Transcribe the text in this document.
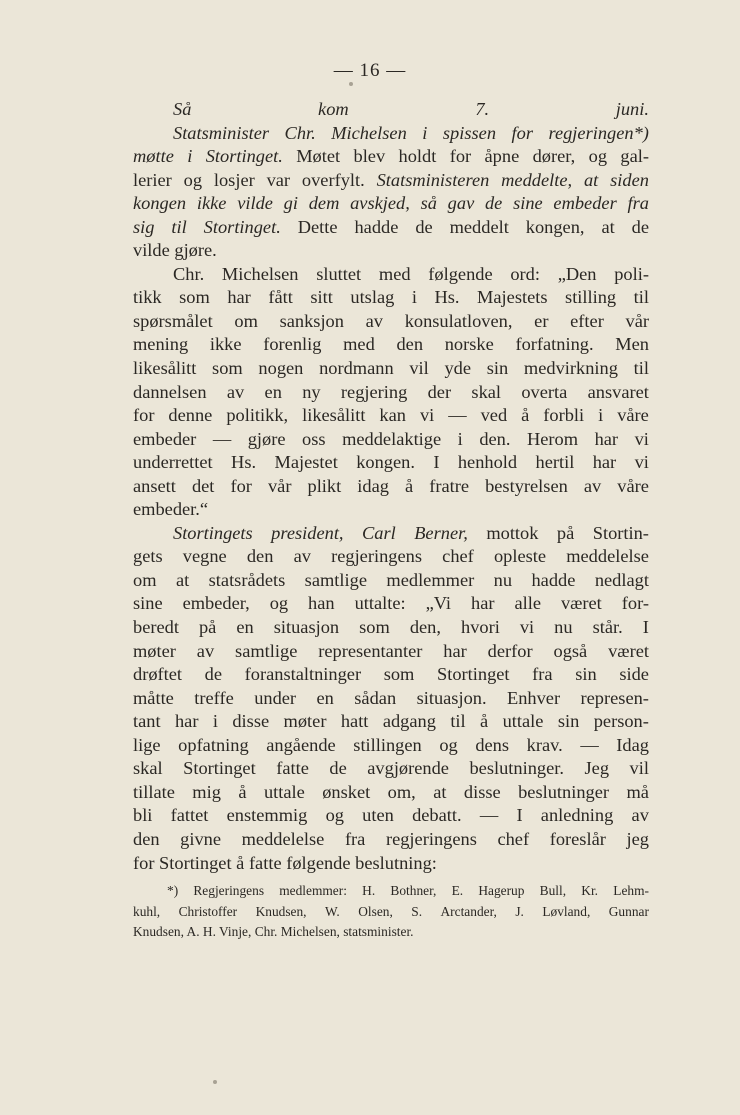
— 16 —
Så	kom	7.	juni.
Statsminister Chr. Michelsen i spissen for regjeringen*)
møtte i Stortinget. Møtet blev holdt for åpne dører, og gal-
lerier og losjer var overfylt. Statsministeren meddelte, at siden
kongen ikke vilde gi dem avskjed, så gav de sine embeder fra
sig til Stortinget. Dette hadde de meddelt kongen, at de
vilde gjøre.
Chr. Michelsen sluttet med følgende ord: „Den poli-
tikk som har fått sitt utslag i Hs. Majestets stilling til
spørsmålet om sanksjon av konsulatloven, er efter vår
mening ikke forenlig med den norske forfatning. Men
likesålitt som nogen nordmann vil yde sin medvirkning til
dannelsen av en ny regjering der skal overta ansvaret
for denne politikk, likesålitt kan vi — ved å forbli i våre
embeder — gjøre oss meddelaktige i den. Herom har vi
underrettet Hs. Majestet kongen. I henhold hertil har vi
ansett det for vår plikt idag å fratre bestyrelsen av våre
embeder.“
Stortingets president, Carl Berner, mottok på Stortin-
gets vegne den av regjeringens chef opleste meddelelse
om at statsrådets samtlige medlemmer nu hadde nedlagt
sine embeder, og han uttalte: „Vi har alle været for-
beredt på en situasjon som den, hvori vi nu står. I
møter av samtlige representanter har derfor også været
drøftet de foranstaltninger som Stortinget fra sin side
måtte treffe under en sådan situasjon. Enhver represen-
tant har i disse møter hatt adgang til å uttale sin person-
lige opfatning angående stillingen og dens krav. — Idag
skal Stortinget fatte de avgjørende beslutninger. Jeg vil
tillate mig å uttale ønsket om, at disse beslutninger må
bli fattet enstemmig og uten debatt. — I anledning av
den givne meddelelse fra regjeringens chef foreslår jeg
for Stortinget å fatte følgende beslutning:
*) Regjeringens medlemmer: H. Bothner, E. Hagerup Bull, Kr. Lehm-
kuhl, Christoffer Knudsen, W. Olsen, S. Arctander, J. Løvland, Gunnar
Knudsen, A. H. Vinje, Chr. Michelsen, statsminister.
